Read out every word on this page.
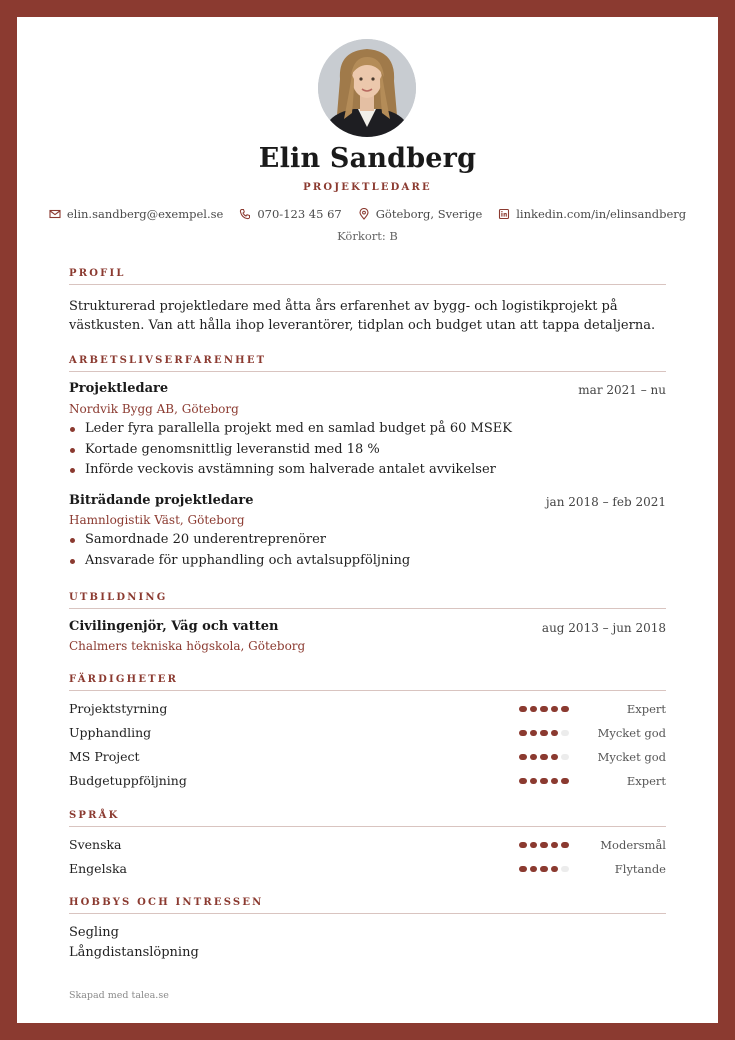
Elin Sandberg
PROJEKTLEDARE
elin.sandberg@exempel.se	070-123 45 67	Göteborg, Sverige	linkedin.com/in/elinsandberg
Körkort: B
PROFIL
Strukturerad projektledare med åtta års erfarenhet av bygg- och logistikprojekt på västkusten. Van att hålla ihop leverantörer, tidplan och budget utan att tappa detaljerna.
ARBETSLIVSERFARENHET
Projektledare	mar 2021 – nu
Nordvik Bygg AB, Göteborg
Leder fyra parallella projekt med en samlad budget på 60 MSEK
Kortade genomsnittlig leveranstid med 18 %
Införde veckovis avstämning som halverade antalet avvikelser
Biträdande projektledare	jan 2018 – feb 2021
Hamnlogistik Väst, Göteborg
Samordnade 20 underentreprenörer
Ansvarade för upphandling och avtalsuppföljning
UTBILDNING
Civilingenjör, Väg och vatten	aug 2013 – jun 2018
Chalmers tekniska högskola, Göteborg
FÄRDIGHETER
Projektstyrning	Expert
Upphandling	Mycket god
MS Project	Mycket god
Budgetuppföljning	Expert
SPRÅK
Svenska	Modersmål
Engelska	Flytande
HOBBYS OCH INTRESSEN
Segling
Långdistanslöpning
Skapad med talea.se
